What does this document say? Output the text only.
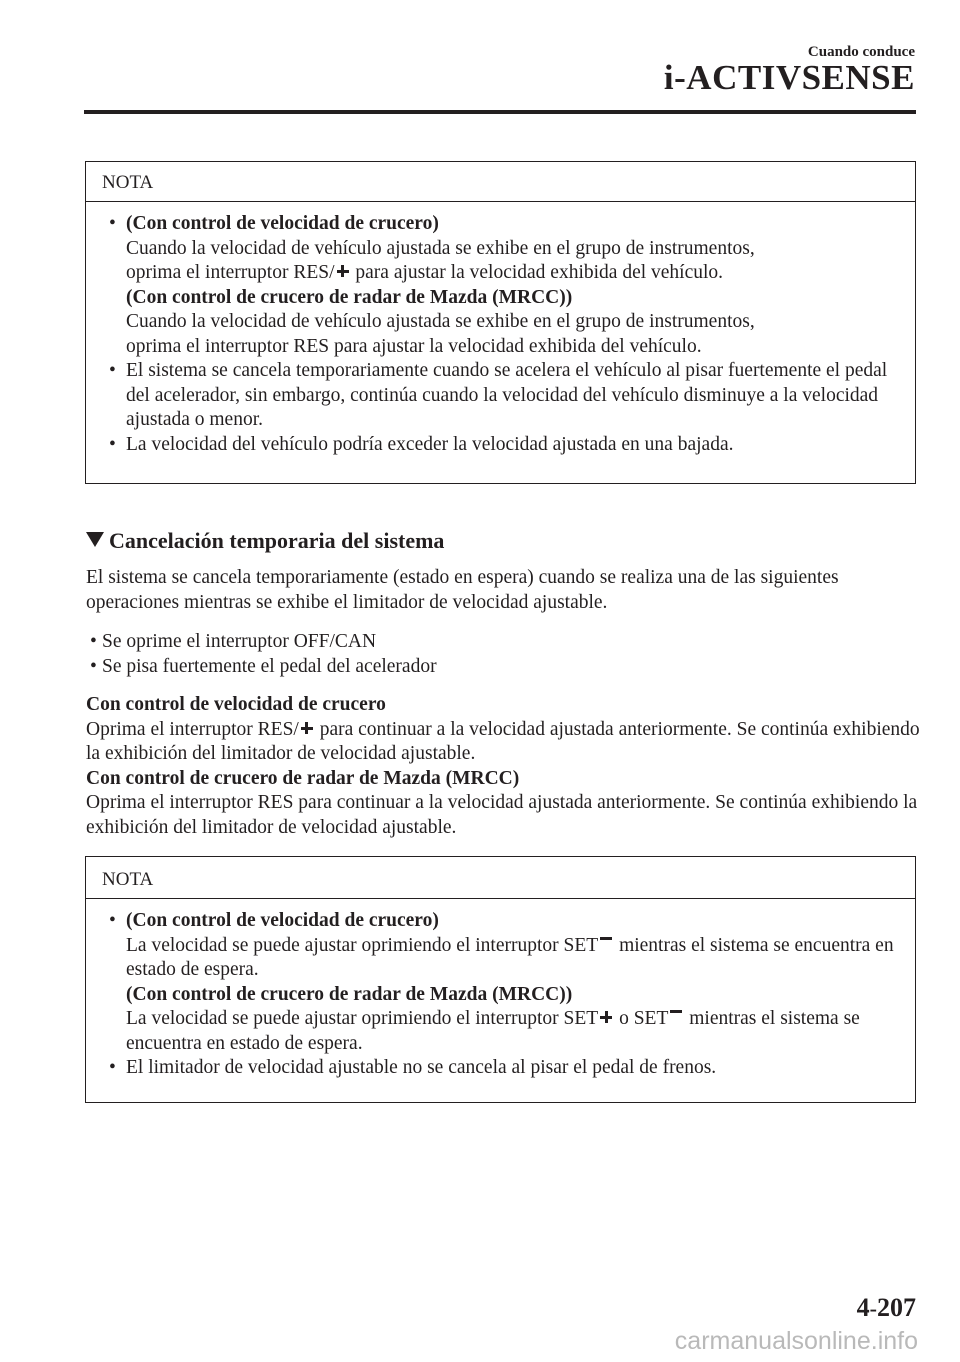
Cuando conduce
i-ACTIVSENSE
NOTA
• (Con control de velocidad de crucero)
Cuando la velocidad de vehículo ajustada se exhibe en el grupo de instrumentos,
oprima el interruptor RES/ para ajustar la velocidad exhibida del vehículo.
(Con control de crucero de radar de Mazda (MRCC))
Cuando la velocidad de vehículo ajustada se exhibe en el grupo de instrumentos,
oprima el interruptor RES para ajustar la velocidad exhibida del vehículo.
• El sistema se cancela temporariamente cuando se acelera el vehículo al pisar fuertemente el pedal del acelerador, sin embargo, continúa cuando la velocidad del vehículo disminuye a la velocidad ajustada o menor.
• La velocidad del vehículo podría exceder la velocidad ajustada en una bajada.
Cancelación temporaria del sistema
El sistema se cancela temporariamente (estado en espera) cuando se realiza una de las siguientes operaciones mientras se exhibe el limitador de velocidad ajustable.
• Se oprime el interruptor OFF/CAN
• Se pisa fuertemente el pedal del acelerador
Con control de velocidad de crucero
Oprima el interruptor RES/ para continuar a la velocidad ajustada anteriormente. Se continúa exhibiendo la exhibición del limitador de velocidad ajustable.
Con control de crucero de radar de Mazda (MRCC)
Oprima el interruptor RES para continuar a la velocidad ajustada anteriormente. Se continúa exhibiendo la exhibición del limitador de velocidad ajustable.
NOTA
• (Con control de velocidad de crucero)
La velocidad se puede ajustar oprimiendo el interruptor SET mientras el sistema se encuentra en estado de espera.
(Con control de crucero de radar de Mazda (MRCC))
La velocidad se puede ajustar oprimiendo el interruptor SET o SET mientras el sistema se encuentra en estado de espera.
• El limitador de velocidad ajustable no se cancela al pisar el pedal de frenos.
4-207
carmanualsonline.info
